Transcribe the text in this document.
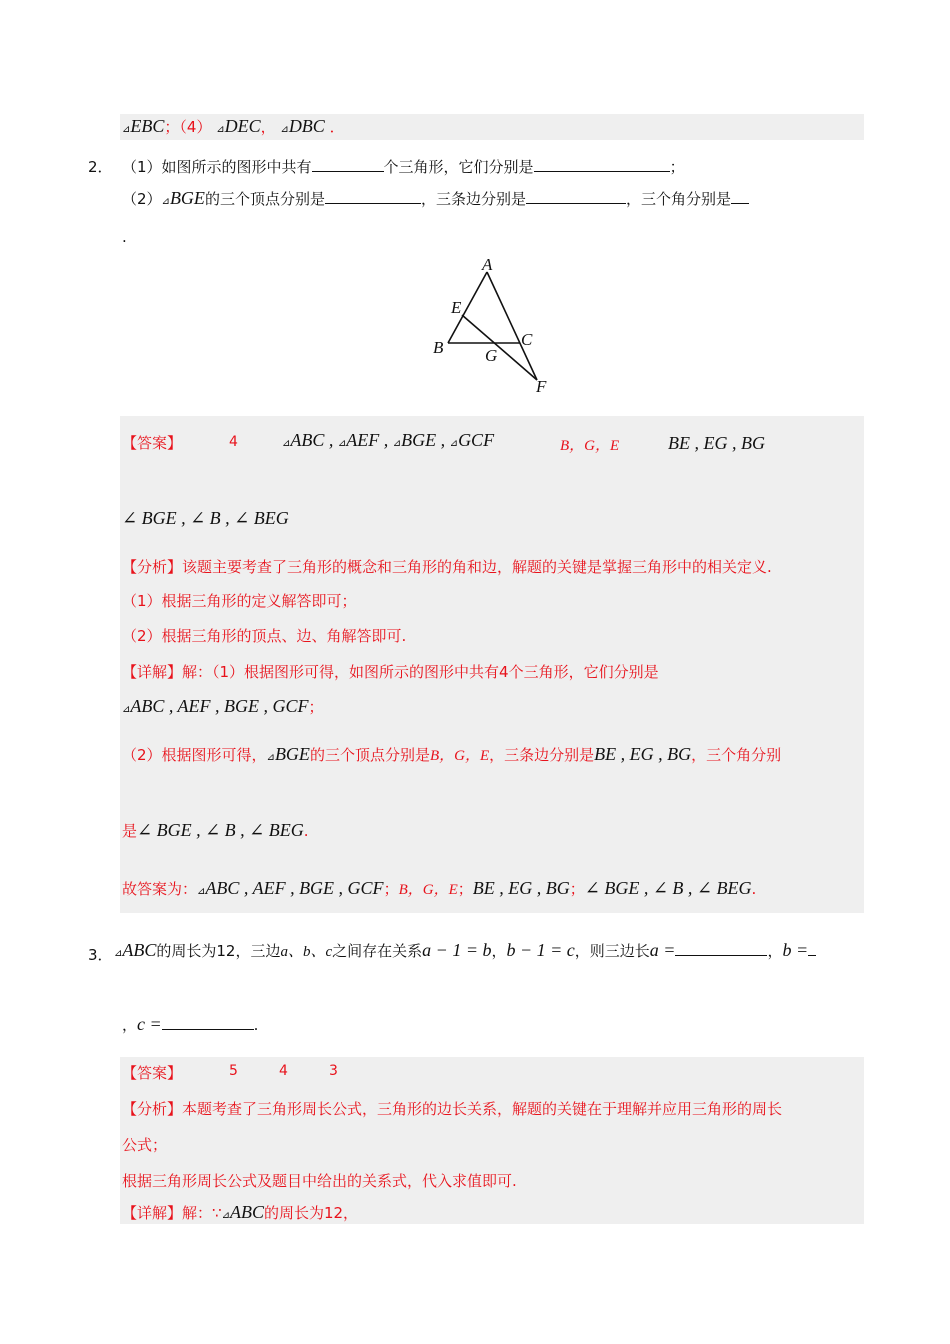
⊿EBC；（4） ⊿DEC， ⊿DBC ．
2． （1）如图所示的图形中共有	个三角形，它们分别是	；
（2）⊿BGE的三个顶点分别是	，三条边分别是	，三个角分别是
.
A
E
B G
C
F
【答案】	4	⊿ABC , ⊿AEF , ⊿BGE , ⊿GCF	B，G，E	BE , EG , BG
∠ BGE , ∠ B , ∠ BEG
【分析】该题主要考查了三角形的概念和三角形的角和边，解题的关键是掌握三角形中的相关定义.
（1）根据三角形的定义解答即可；
（2）根据三角形的顶点、边、角解答即可.
【详解】解：（1）根据图形可得，如图所示的图形中共有4个三角形，它们分别是
⊿ABC , AEF , BGE , GCF；
（2）根据图形可得，⊿BGE的三个顶点分别是B，G，E，三条边分别是BE , EG , BG，三个角分别
是∠ BGE , ∠ B , ∠ BEG.
故答案为：⊿ABC , AEF , BGE , GCF；B，G，E；BE , EG , BG；∠ BGE , ∠ B , ∠ BEG.
3． ⊿ABC的周长为12，三边a、b、c之间存在关系a − 1 = b，b − 1 = c，则三边长a =	，b =
，c =	.
【答案】	5	4	3
【分析】本题考查了三角形周长公式，三角形的边长关系，解题的关键在于理解并应用三角形的周长
公式；
根据三角形周长公式及题目中给出的关系式，代入求值即可.
【详解】解：∵⊿ABC的周长为12，
